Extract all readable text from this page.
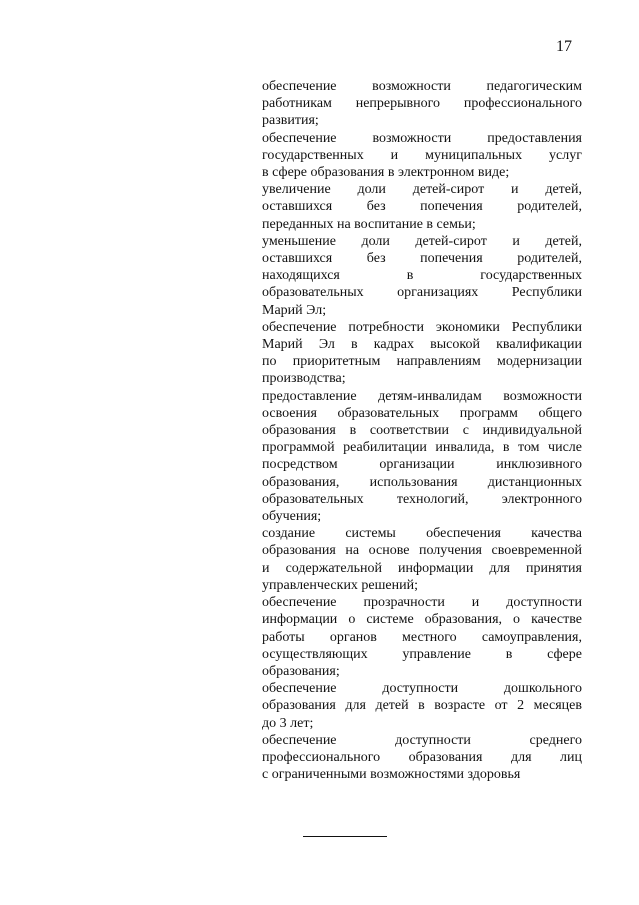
17
обеспечение возможности педагогическим
работникам непрерывного профессионального
развития;
обеспечение возможности предоставления
государственных и муниципальных услуг
в сфере образования в электронном виде;
увеличение доли детей-сирот и детей,
оставшихся без попечения родителей,
переданных на воспитание в семьи;
уменьшение доли детей-сирот и детей,
оставшихся без попечения родителей,
находящихся в государственных
образовательных организациях Республики
Марий Эл;
обеспечение потребности экономики Республики
Марий Эл в кадрах высокой квалификации
по приоритетным направлениям модернизации
производства;
предоставление детям-инвалидам возможности
освоения образовательных программ общего
образования в соответствии с индивидуальной
программой реабилитации инвалида, в том числе
посредством организации инклюзивного
образования, использования дистанционных
образовательных технологий, электронного
обучения;
создание системы обеспечения качества
образования на основе получения своевременной
и содержательной информации для принятия
управленческих решений;
обеспечение прозрачности и доступности
информации о системе образования, о качестве
работы органов местного самоуправления,
осуществляющих управление в сфере
образования;
обеспечение доступности дошкольного
образования для детей в возрасте от 2 месяцев
до 3 лет;
обеспечение доступности среднего
профессионального образования для лиц
с ограниченными возможностями здоровья
